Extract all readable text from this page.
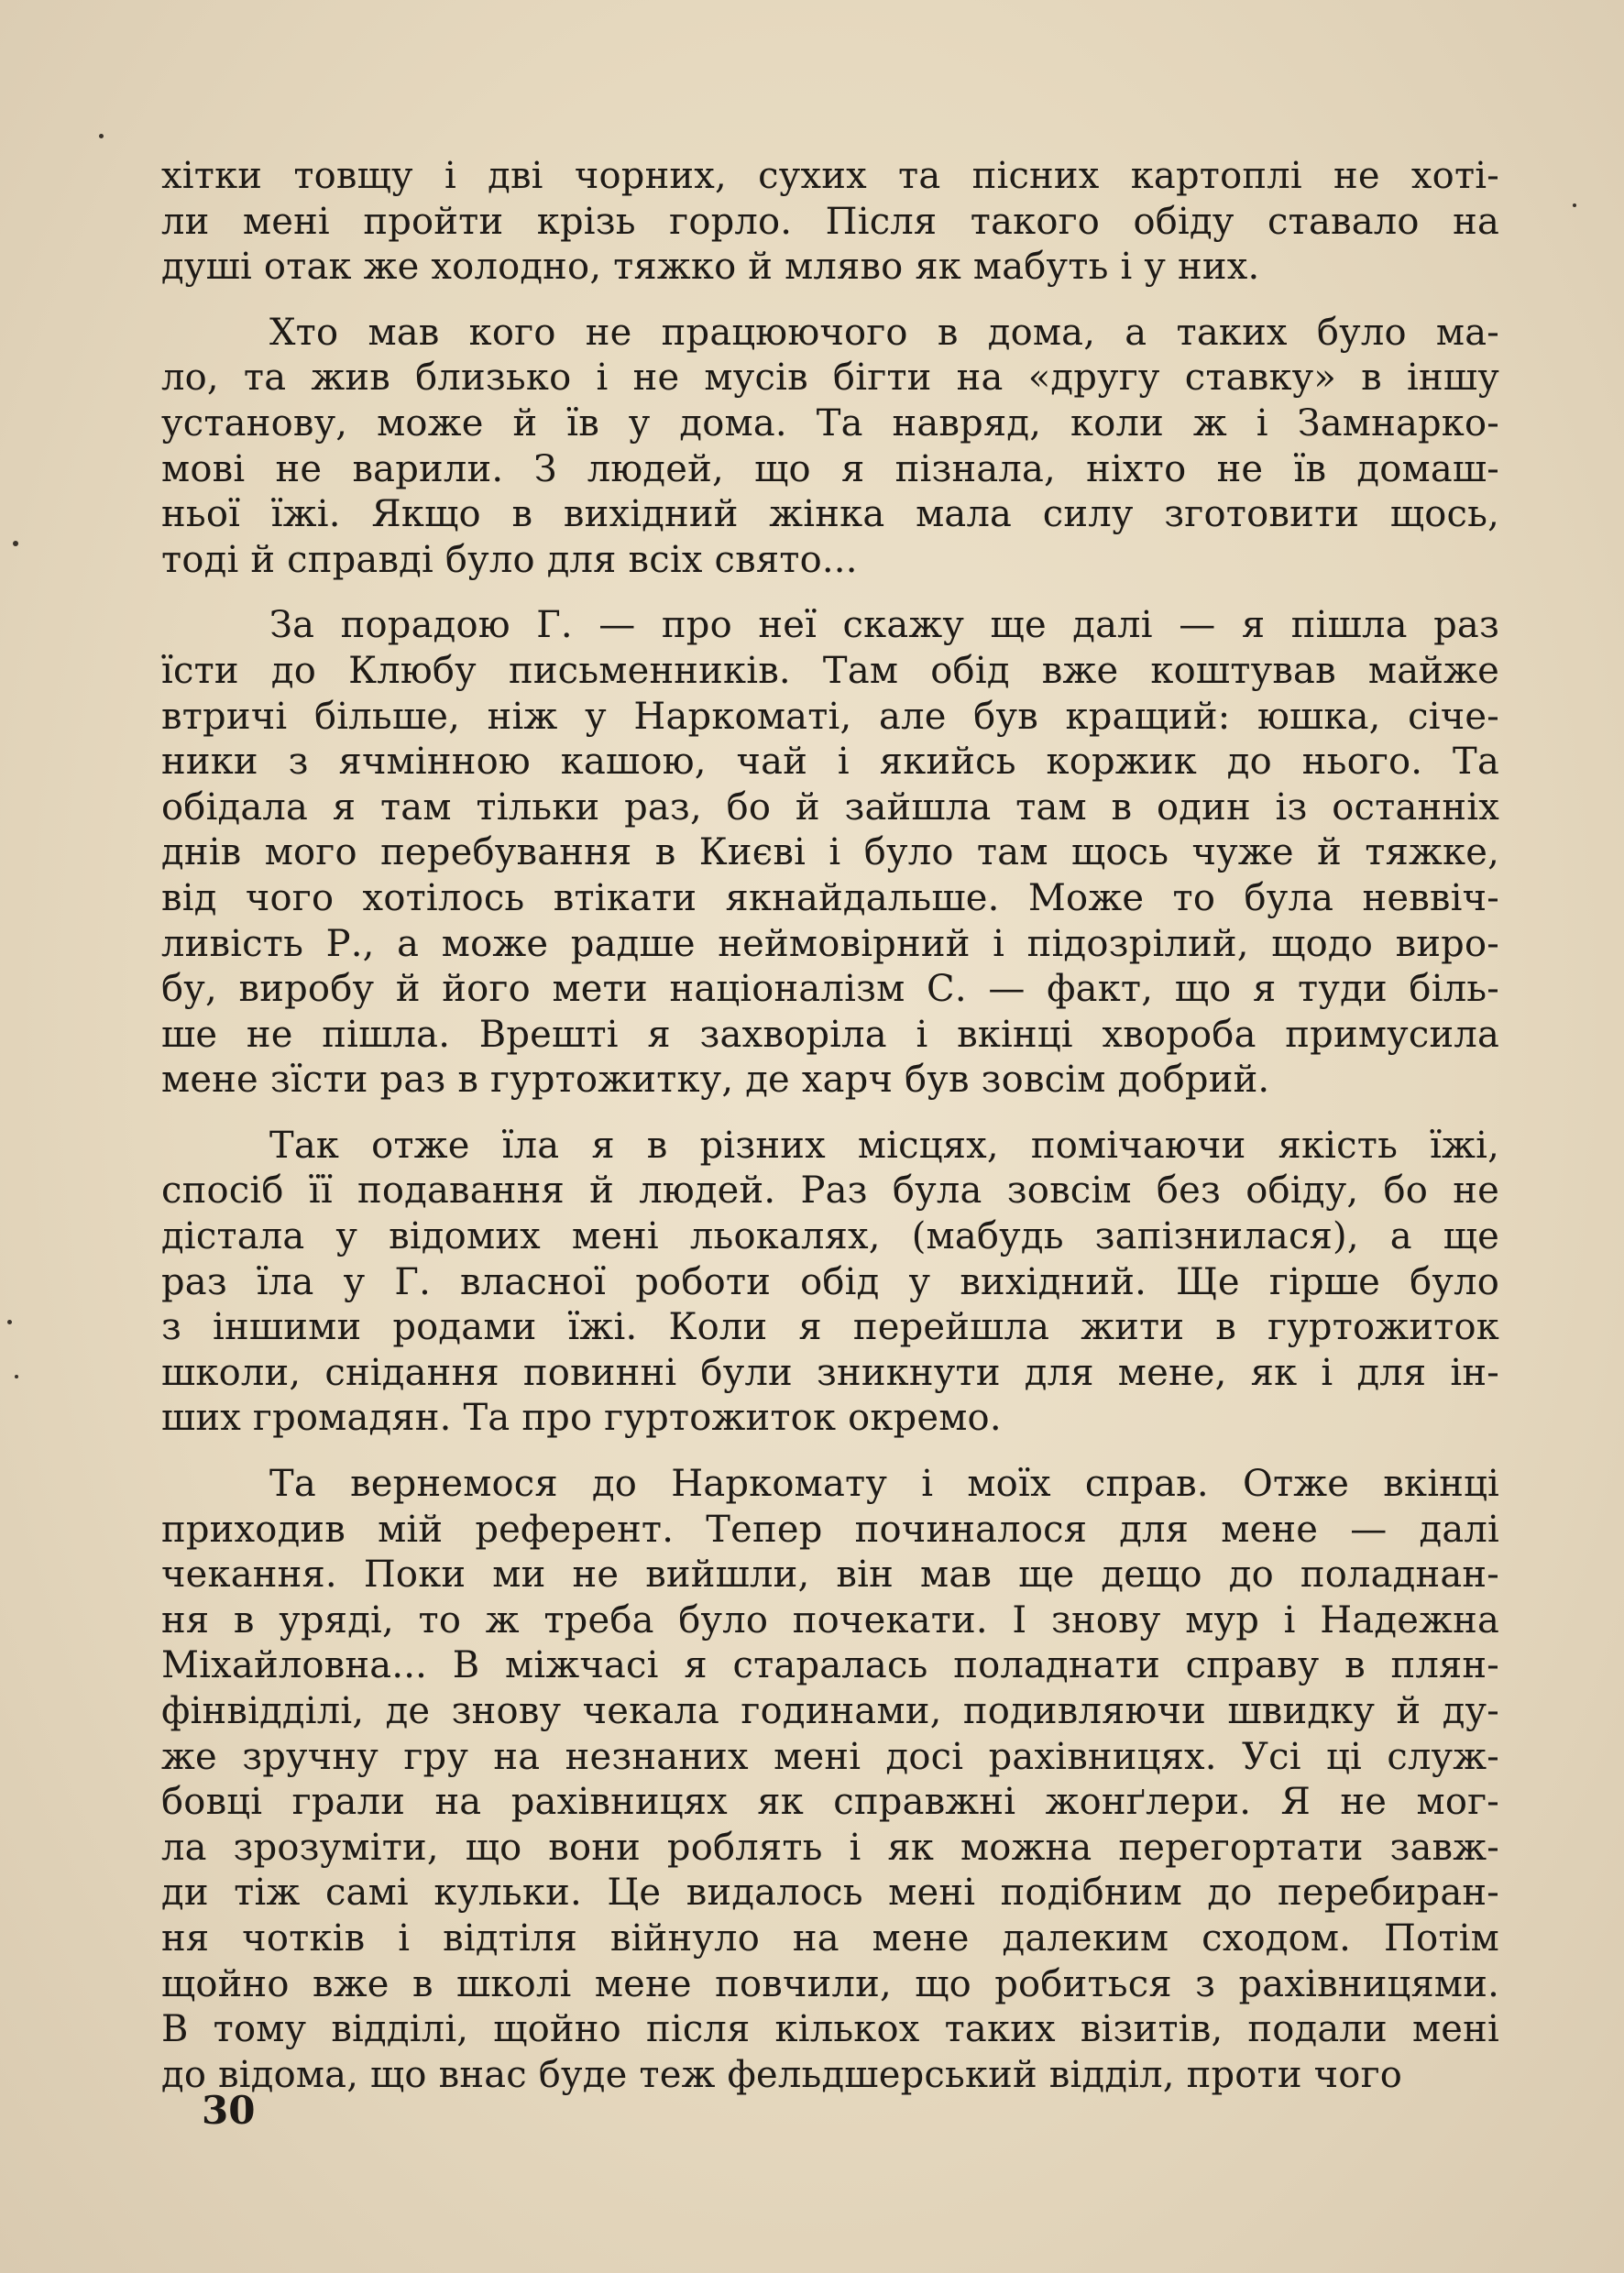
хітки товщу і дві чорних, сухих та пісних картоплі не хоті-
ли мені пройти крізь горло. Після такого обіду ставало на
душі отак же холодно, тяжко й мляво як мабуть і у них.

Хто мав кого не працюючого в дома, а таких було ма-
ло, та жив близько і не мусів бігти на «другу ставку» в іншу
установу, може й їв у дома. Та навряд, коли ж і Замнарко-
мові не варили. З людей, що я пізнала, ніхто не їв домаш-
ньої їжі. Якщо в вихідний жінка мала силу зготовити щось,
тоді й справді було для всіх свято...

За порадою Г. — про неї скажу ще далі — я пішла раз
їсти до Клюбу письменників. Там обід вже коштував майже
втричі більше, ніж у Наркоматі, але був кращий: юшка, січе-
ники з ячмінною кашою, чай і якийсь коржик до нього. Та
обідала я там тільки раз, бо й зайшла там в один із останніх
днів мого перебування в Києві і було там щось чуже й тяжке,
від чого хотілось втікати якнайдальше. Може то була неввіч-
ливість Р., а може радше неймовірний і підозрілий, щодо виро-
бу, виробу й його мети націоналізм С. — факт, що я туди біль-
ше не пішла. Врешті я захворіла і вкінці хвороба примусила
мене зїсти раз в гуртожитку, де харч був зовсім добрий.

Так отже їла я в різних місцях, помічаючи якість їжі,
спосіб її подавання й людей. Раз була зовсім без обіду, бо не
дістала у відомих мені льокалях, (мабудь запізнилася), а ще
раз їла у Г. власної роботи обід у вихідний. Ще гірше було
з іншими родами їжі. Коли я перейшла жити в гуртожиток
школи, снідання повинні були зникнути для мене, як і для ін-
ших громадян. Та про гуртожиток окремо.

Та вернемося до Наркомату і моїх справ. Отже вкінці
приходив мій референт. Тепер починалося для мене — далі
чекання. Поки ми не вийшли, він мав ще дещо до поладнан-
ня в уряді, то ж треба було почекати. І знову мур і Надежна
Міхайловна... В міжчасі я старалась поладнати справу в плян-
фінвідділі, де знову чекала годинами, подивляючи швидку й ду-
же зручну гру на незнаних мені досі рахівницях. Усі ці служ-
бовці грали на рахівницях як справжні жонґлери. Я не мог-
ла зрозуміти, що вони роблять і як можна перегортати завж-
ди тіж самі кульки. Це видалось мені подібним до перебиран-
ня чотків і відтіля війнуло на мене далеким сходом. Потім
щойно вже в школі мене повчили, що робиться з рахівницями.
В тому відділі, щойно після кількох таких візитів, подали мені
до відома, що внас буде теж фельдшерський відділ, проти чого

30
